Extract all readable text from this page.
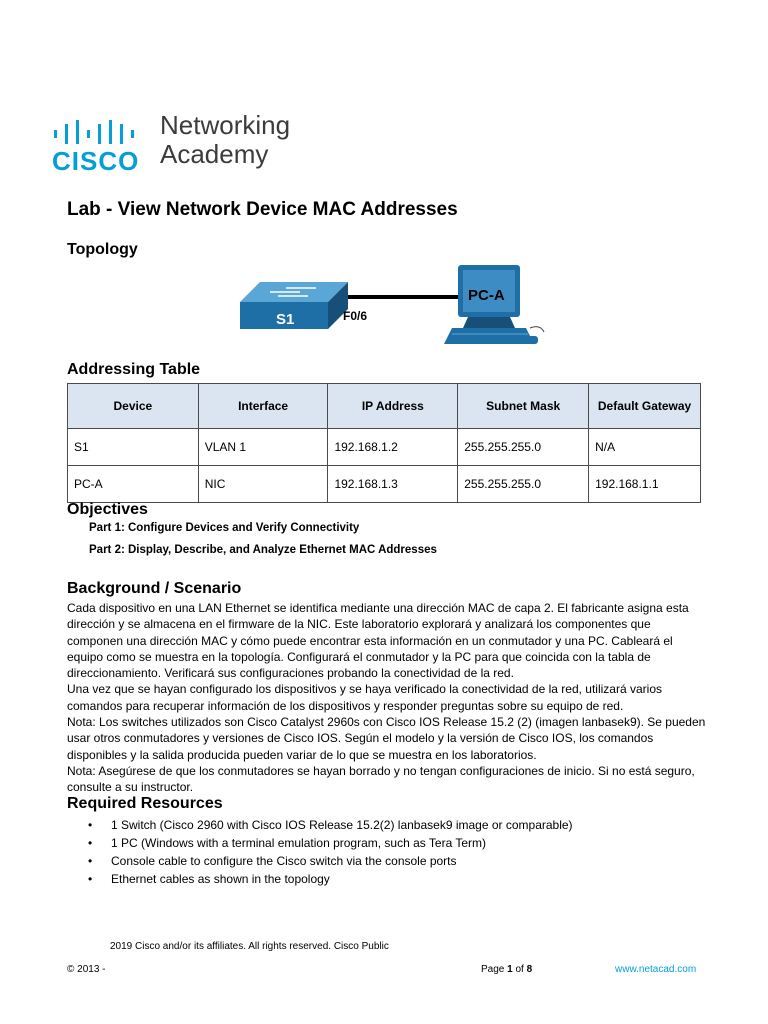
CISCO
Networking
Academy
Lab - View Network Device MAC Addresses
Topology
S1	F0/6
PC-A
Addressing Table
Device	Interface	IP Address	Subnet Mask	Default Gateway
S1	VLAN 1	192.168.1.2	255.255.255.0	N/A
PC-A	NIC	192.168.1.3	255.255.255.0	192.168.1.1
Objectives
Part 1: Configure Devices and Verify Connectivity
Part 2: Display, Describe, and Analyze Ethernet MAC Addresses
Background / Scenario

Cada dispositivo en una LAN Ethernet se identifica mediante una dirección MAC de capa 2. El fabricante asigna esta dirección y se almacena en el firmware de la NIC. Este laboratorio explorará y analizará los componentes que componen una dirección MAC y cómo puede encontrar esta información en un conmutador y una PC. Cableará el equipo como se muestra en la topología. Configurará el conmutador y la PC para que coincida con la tabla de direccionamiento. Verificará sus configuraciones probando la conectividad de la red.

Una vez que se hayan configurado los dispositivos y se haya verificado la conectividad de la red, utilizará varios comandos para recuperar información de los dispositivos y responder preguntas sobre su equipo de red.

Nota: Los switches utilizados son Cisco Catalyst 2960s con Cisco IOS Release 15.2 (2) (imagen lanbasek9). Se pueden usar otros conmutadores y versiones de Cisco IOS. Según el modelo y la versión de Cisco IOS, los comandos disponibles y la salida producida pueden variar de lo que se muestra en los laboratorios.

Nota: Asegúrese de que los conmutadores se hayan borrado y no tengan configuraciones de inicio. Si no está seguro, consulte a su instructor.

Required Resources
• 1 Switch (Cisco 2960 with Cisco IOS Release 15.2(2) lanbasek9 image or comparable)
• 1 PC (Windows with a terminal emulation program, such as Tera Term)
• Console cable to configure the Cisco switch via the console ports
• Ethernet cables as shown in the topology
2019 Cisco and/or its affiliates. All rights reserved. Cisco Public
© 2013 -	Page 1 of 8	www.netacad.com
